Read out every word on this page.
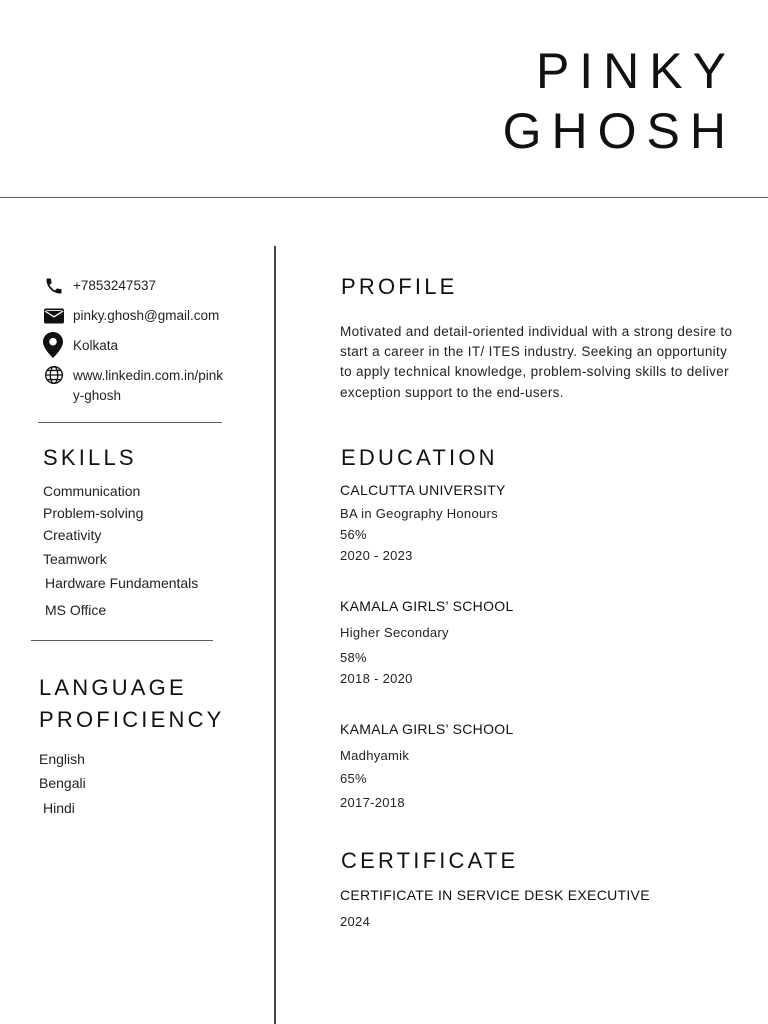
PINKY
GHOSH
+7853247537
pinky.ghosh@gmail.com
Kolkata
www.linkedin.com.in/pink
y-ghosh
SKILLS
Communication
Problem-solving
Creativity
Teamwork
Hardware Fundamentals
MS Office
LANGUAGE
PROFICIENCY
English
Bengali
Hindi
PROFILE
Motivated and detail-oriented individual with a strong desire to start a career in the IT/ ITES industry. Seeking an opportunity to apply technical knowledge, problem-solving skills to deliver exception support to the end-users.
EDUCATION
CALCUTTA UNIVERSITY
BA in Geography Honours
56%
2020 - 2023
KAMALA GIRLS’ SCHOOL
Higher Secondary
58%
2018 - 2020
KAMALA GIRLS’ SCHOOL
Madhyamik
65%
2017-2018
CERTIFICATE
CERTIFICATE IN SERVICE DESK EXECUTIVE
2024
